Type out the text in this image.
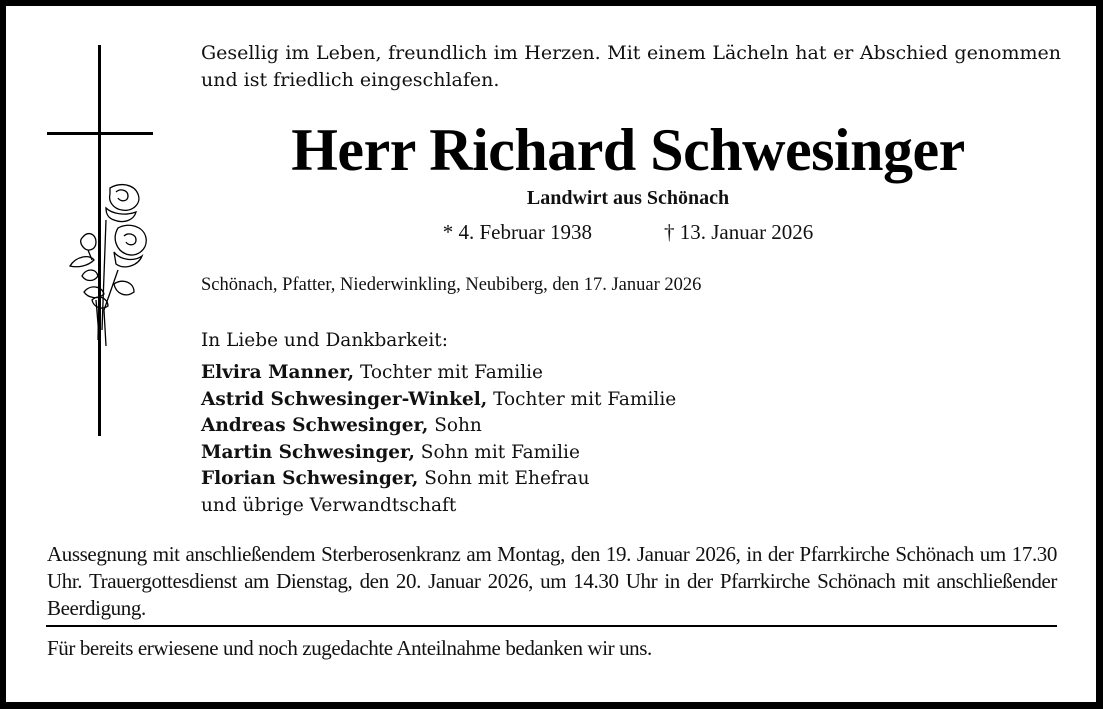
Gesellig im Leben, freundlich im Herzen. Mit einem Lächeln hat er Abschied genommen und ist friedlich eingeschlafen.
Herr Richard Schwesinger
Landwirt aus Schönach
* 4. Februar 1938	† 13. Januar 2026
Schönach, Pfatter, Niederwinkling, Neubiberg, den 17. Januar 2026
In Liebe und Dankbarkeit:
Elvira Manner, Tochter mit Familie
Astrid Schwesinger-Winkel, Tochter mit Familie
Andreas Schwesinger, Sohn
Martin Schwesinger, Sohn mit Familie
Florian Schwesinger, Sohn mit Ehefrau
und übrige Verwandtschaft
Aussegnung mit anschließendem Sterberosenkranz am Montag, den 19. Januar 2026, in der Pfarrkirche Schönach um 17.30 Uhr. Trauergottesdienst am Dienstag, den 20. Januar 2026, um 14.30 Uhr in der Pfarrkirche Schönach mit anschließender Beerdigung.
Für bereits erwiesene und noch zugedachte Anteilnahme bedanken wir uns.
